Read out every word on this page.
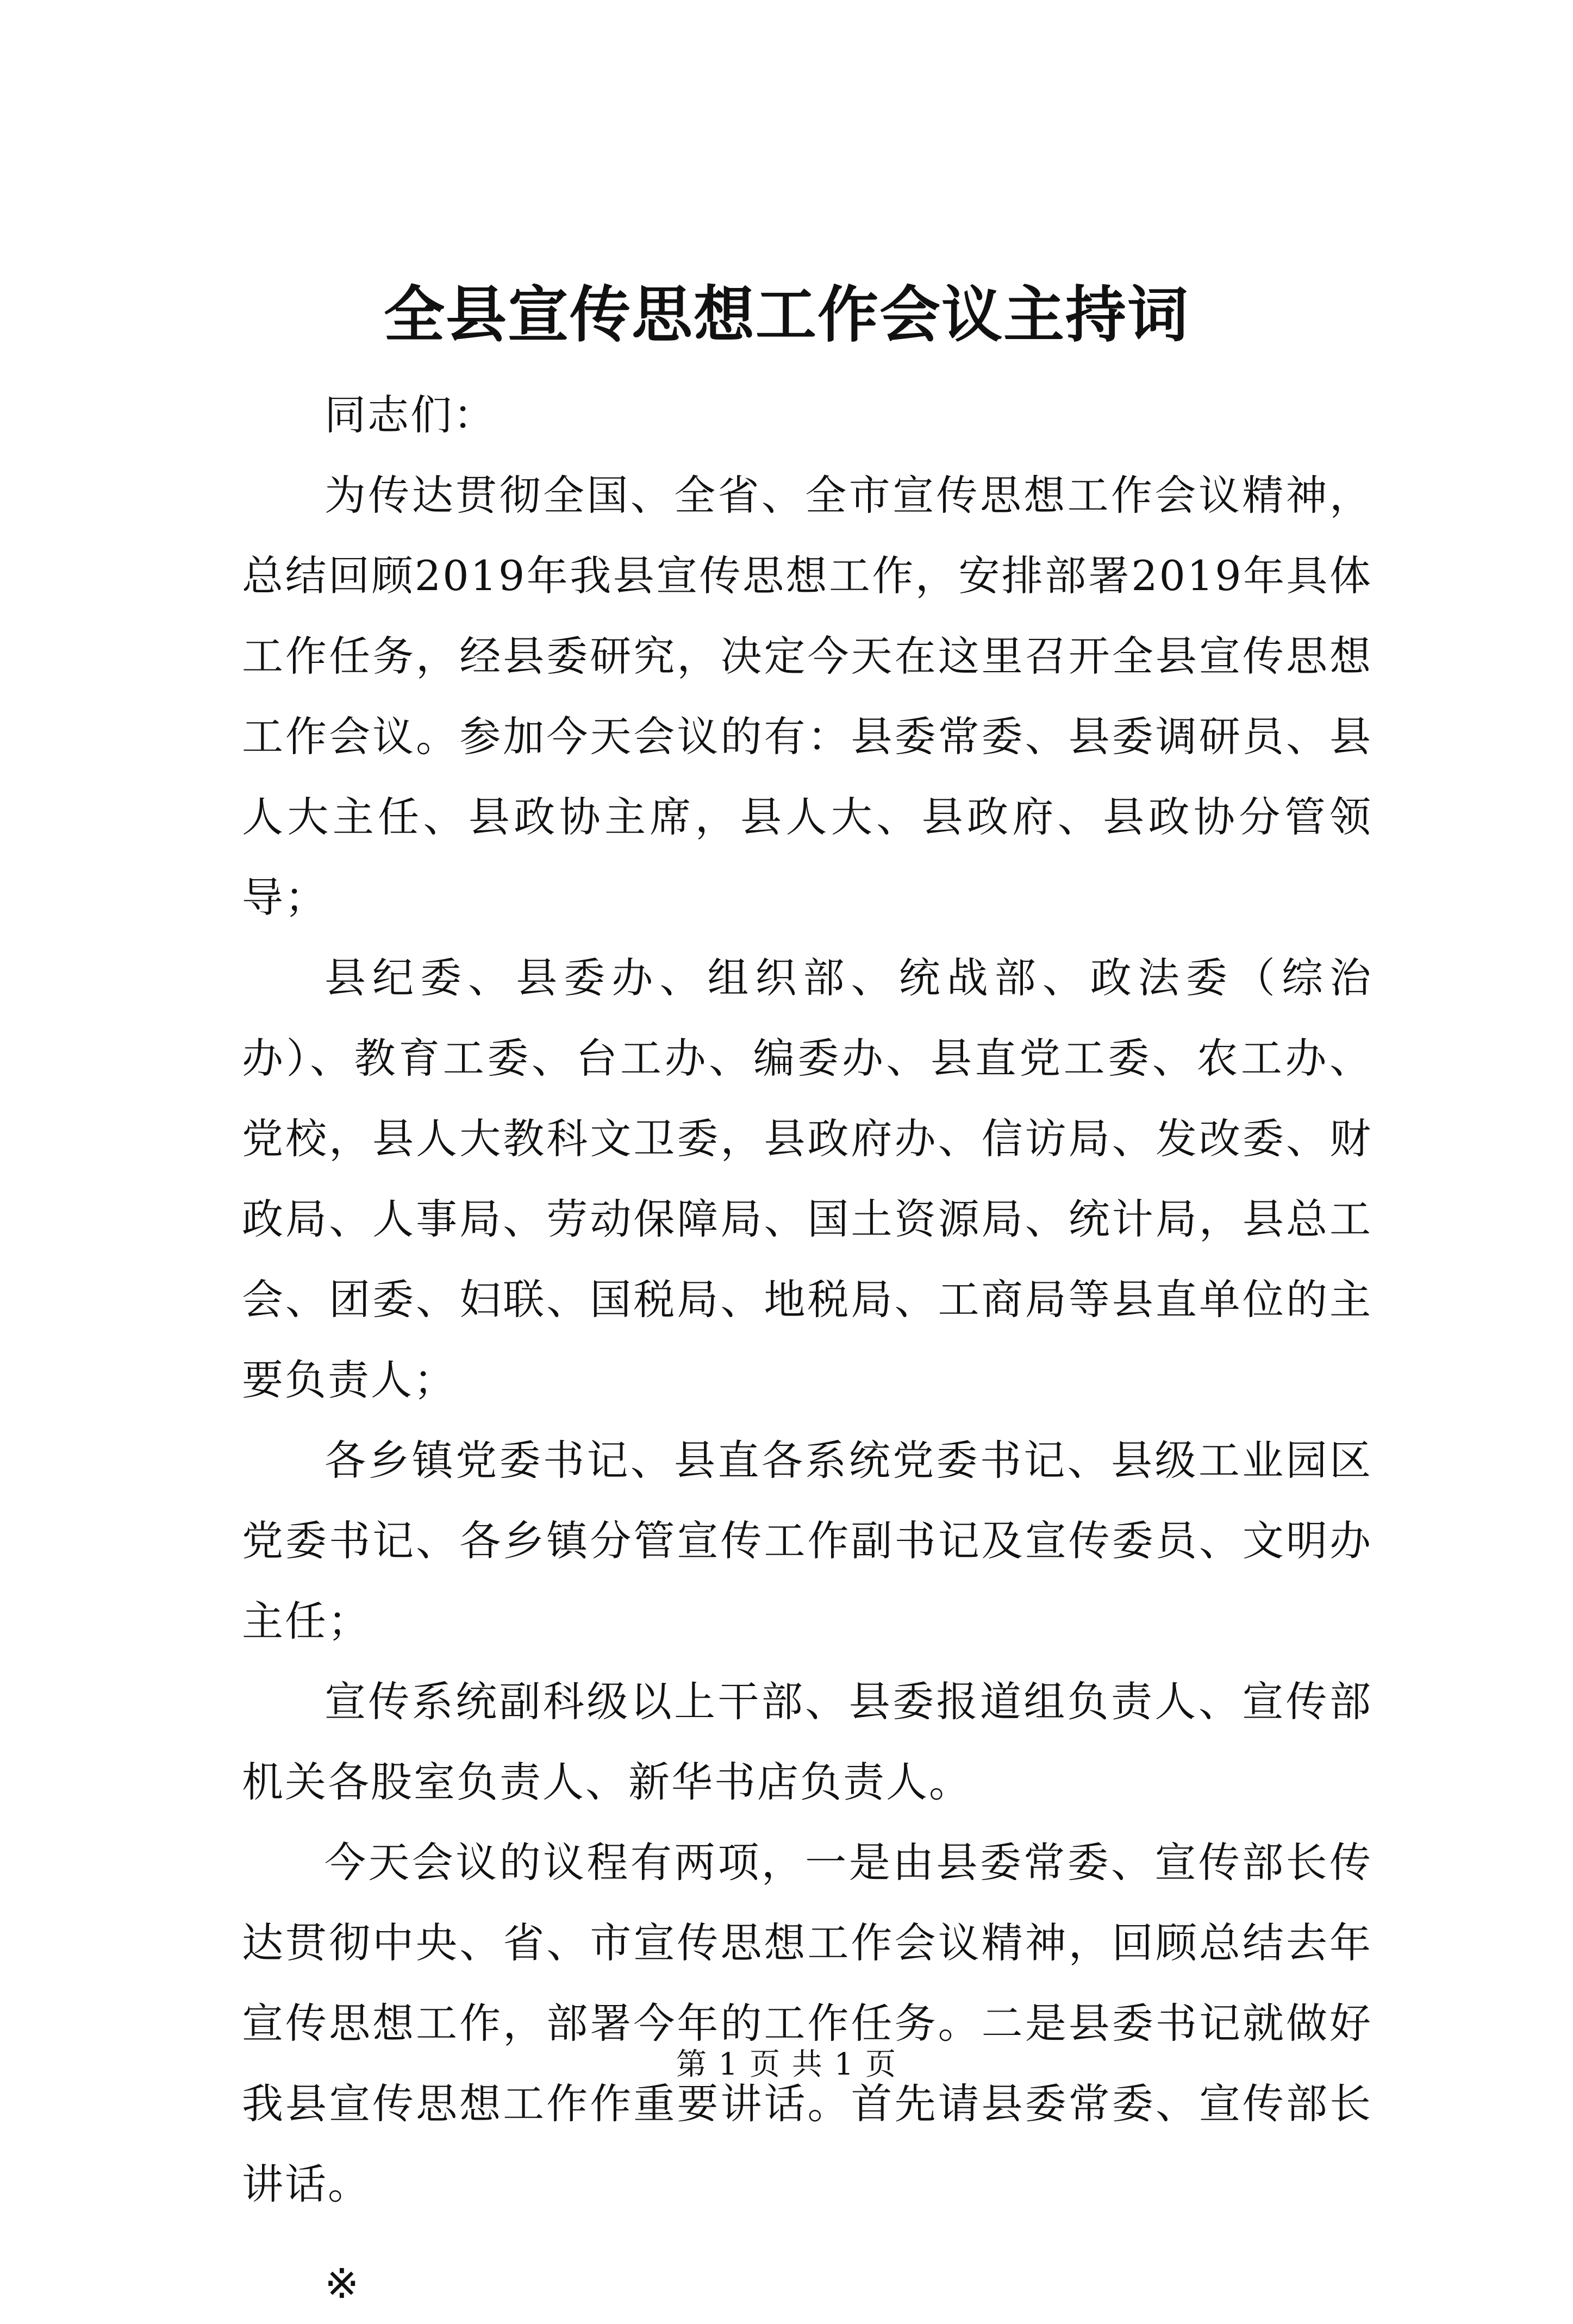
全县宣传思想工作会议主持词

同志们：

为传达贯彻全国、全省、全市宣传思想工作会议精神，总结回顾2019年我县宣传思想工作，安排部署2019年具体工作任务，经县委研究，决定今天在这里召开全县宣传思想工作会议。参加今天会议的有：县委常委、县委调研员、县人大主任、县政协主席，县人大、县政府、县政协分管领导；

县纪委、县委办、组织部、统战部、政法委（综治办）、教育工委、台工办、编委办、县直党工委、农工办、党校，县人大教科文卫委，县政府办、信访局、发改委、财政局、人事局、劳动保障局、国土资源局、统计局，县总工会、团委、妇联、国税局、地税局、工商局等县直单位的主要负责人；

各乡镇党委书记、县直各系统党委书记、县级工业园区党委书记、各乡镇分管宣传工作副书记及宣传委员、文明办主任；

宣传系统副科级以上干部、县委报道组负责人、宣传部机关各股室负责人、新华书店负责人。

今天会议的议程有两项，一是由县委常委、宣传部长传达贯彻中央、省、市宣传思想工作会议精神，回顾总结去年宣传思想工作，部署今年的工作任务。二是县委书记就做好我县宣传思想工作作重要讲话。首先请县委常委、宣传部长讲话。

※

第 1 页 共 1 页
